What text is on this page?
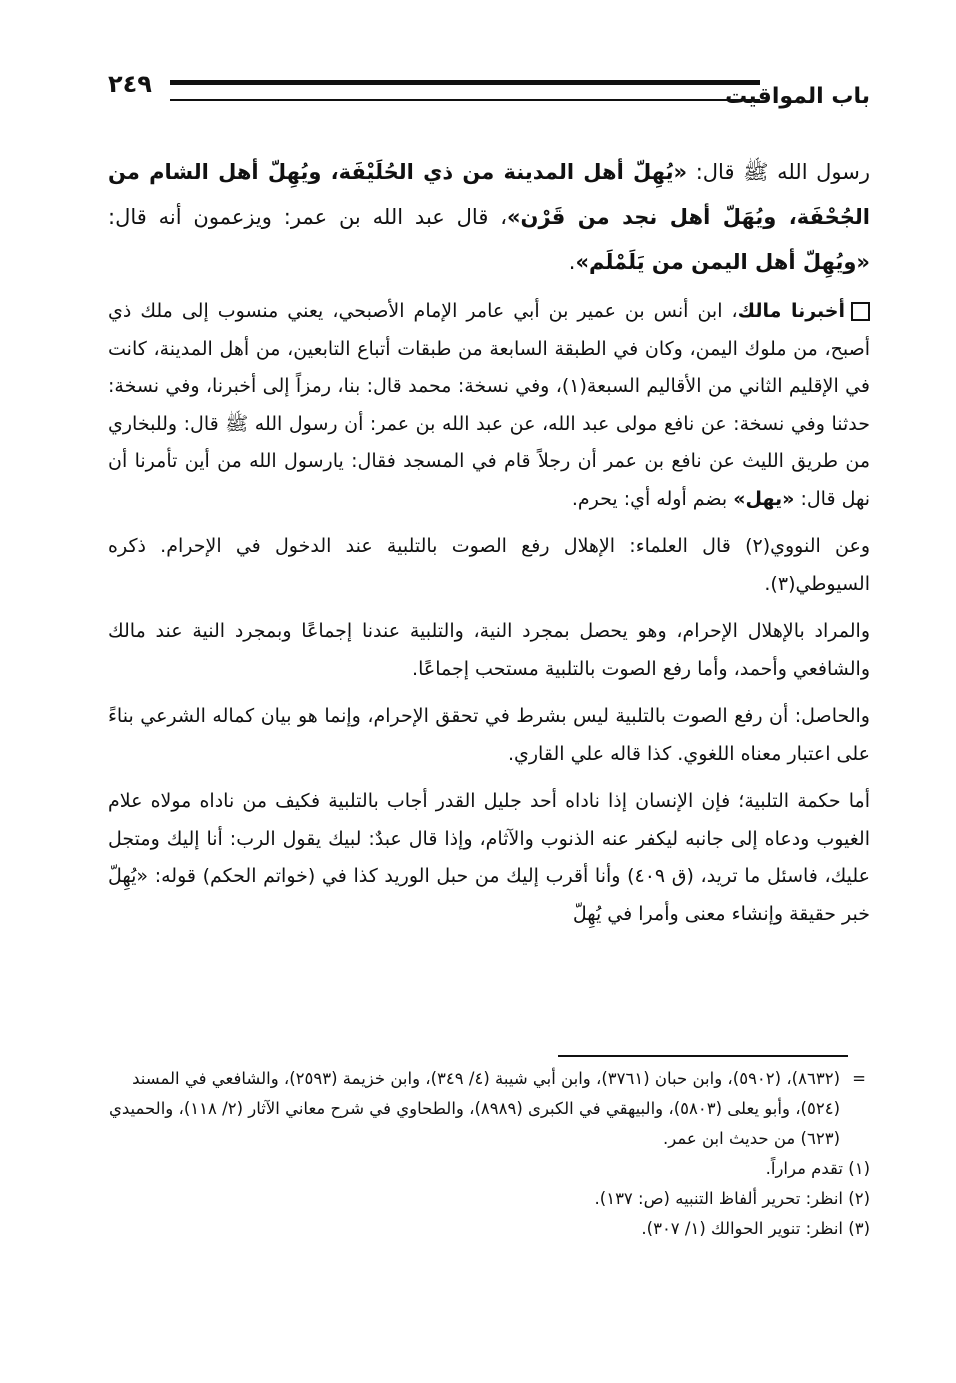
باب المواقيت
٢٤٩

رسول الله ﷺ قال: «يُهِلّ أهل المدينة من ذي الحُلَيْفَة، ويُهِلّ أهل الشام من الجُحْفَة، ويُهَلّ أهل نجد من قَرْن»، قال عبد الله بن عمر: ويزعمون أنه قال: «ويُهِلّ أهل اليمن من يَلَمْلَم».

أخبرنا مالك، ابن أنس بن عمير بن أبي عامر الإمام الأصبحي، يعني منسوب إلى ملك ذي أصبح، من ملوك اليمن، وكان في الطبقة السابعة من طبقات أتباع التابعين، من أهل المدينة، كانت في الإقليم الثاني من الأقاليم السبعة(١)، وفي نسخة: محمد قال: بنا، رمزاً إلى أخبرنا، وفي نسخة: حدثنا وفي نسخة: عن نافع مولى عبد الله، عن عبد الله بن عمر: أن رسول الله ﷺ قال: وللبخاري من طريق الليث عن نافع بن عمر أن رجلاً قام في المسجد فقال: يارسول الله من أين تأمرنا أن نهل قال: «يهل» بضم أوله أي: يحرم.

وعن النووي(٢) قال العلماء: الإهلال رفع الصوت بالتلبية عند الدخول في الإحرام. ذكره السيوطي(٣).

والمراد بالإهلال الإحرام، وهو يحصل بمجرد النية، والتلبية عندنا إجماعًا وبمجرد النية عند مالك والشافعي وأحمد، وأما رفع الصوت بالتلبية مستحب إجماعًا.

والحاصل: أن رفع الصوت بالتلبية ليس بشرط في تحقق الإحرام، وإنما هو بيان كماله الشرعي بناءً على اعتبار معناه اللغوي. كذا قاله علي القاري.

أما حكمة التلبية؛ فإن الإنسان إذا ناداه أحد جليل القدر أجاب بالتلبية فكيف من ناداه مولاه علام الغيوب ودعاه إلى جانبه ليكفر عنه الذنوب والآثام، وإذا قال عبدٌ: لبيك يقول الرب: أنا إليك ومتجل عليك، فاسئل ما تريد، (ق ٤٠٩) وأنا أقرب إليك من حبل الوريد كذا في (خواتم الحكم) قوله: «يُهِلّ خبر حقيقة وإنشاء معنى وأمرا في يُهِلّ

=
(٨٦٣٢)، (٥٩٠٢)، وابن حبان (٣٧٦١)، وابن أبي شيبة (٤/ ٣٤٩)، وابن خزيمة (٢٥٩٣)، والشافعي في المسند (٥٢٤)، وأبو يعلى (٥٨٠٣)، والبيهقي في الكبرى (٨٩٨٩)، والطحاوي في شرح معاني الآثار (٢/ ١١٨)، والحميدي (٦٢٣) من حديث ابن عمر.

(١) تقدم مراراً.

(٢) انظر: تحرير ألفاظ التنبيه (ص: ١٣٧).

(٣) انظر: تنوير الحوالك (١/ ٣٠٧).
